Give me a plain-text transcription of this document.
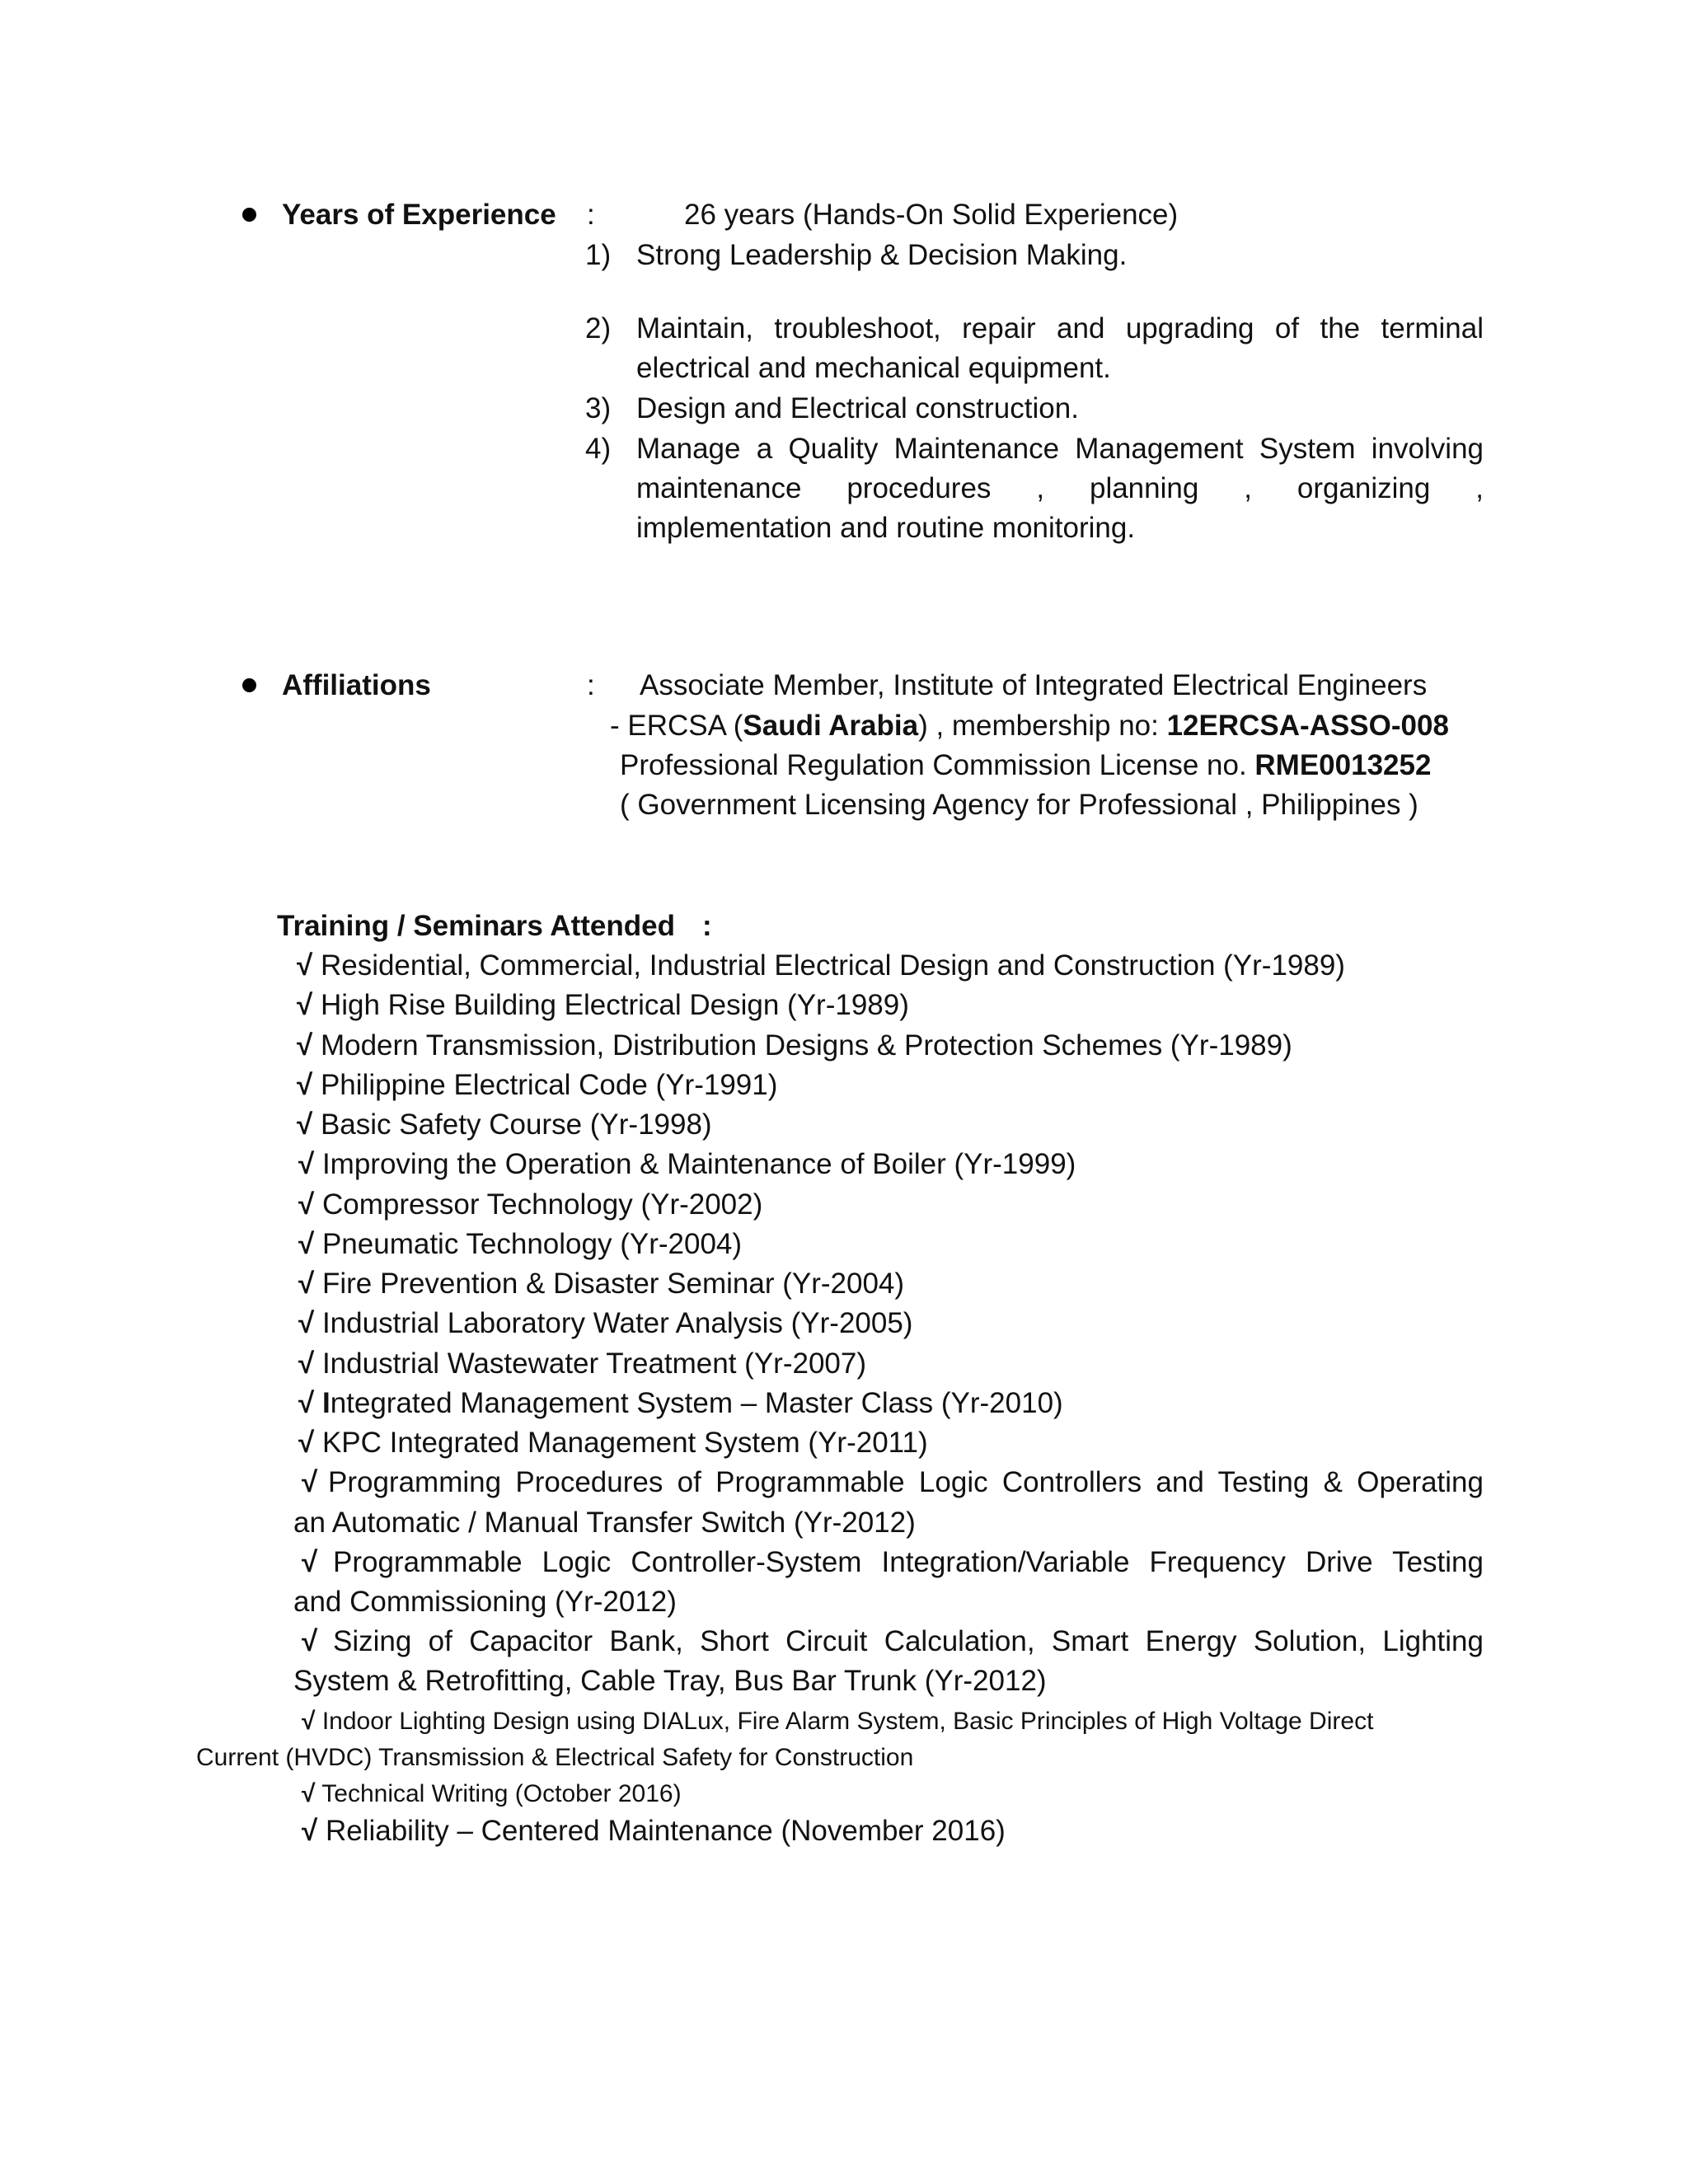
Years of Experience :	26 years (Hands-On Solid Experience)
1) Strong Leadership & Decision Making.
2) Maintain, troubleshoot, repair and upgrading of the terminal
electrical and mechanical equipment.
3) Design and Electrical construction.
4) Manage a Quality Maintenance Management System involving
maintenance procedures , planning , organizing ,
implementation and routine monitoring.
Affiliations	: Associate Member, Institute of Integrated Electrical Engineers
- ERCSA (Saudi Arabia) , membership no: 12ERCSA-ASSO-008
Professional Regulation Commission License no. RME0013252
( Government Licensing Agency for Professional , Philippines )
Training / Seminars Attended :
√ Residential, Commercial, Industrial Electrical Design and Construction (Yr-1989)
√ High Rise Building Electrical Design (Yr-1989)
√ Modern Transmission, Distribution Designs & Protection Schemes (Yr-1989)
√ Philippine Electrical Code (Yr-1991)
√ Basic Safety Course (Yr-1998)
√ Improving the Operation & Maintenance of Boiler (Yr-1999)
√ Compressor Technology (Yr-2002)
√ Pneumatic Technology (Yr-2004)
√ Fire Prevention & Disaster Seminar (Yr-2004)
√ Industrial Laboratory Water Analysis (Yr-2005)
√ Industrial Wastewater Treatment (Yr-2007)
√ Integrated Management System – Master Class (Yr-2010)
√ KPC Integrated Management System (Yr-2011)
√ Programming Procedures of Programmable Logic Controllers and Testing & Operating
an Automatic / Manual Transfer Switch (Yr-2012)
√ Programmable Logic Controller-System Integration/Variable Frequency Drive Testing
and Commissioning (Yr-2012)
√ Sizing of Capacitor Bank, Short Circuit Calculation, Smart Energy Solution, Lighting
System & Retrofitting, Cable Tray, Bus Bar Trunk (Yr-2012)
√ Indoor Lighting Design using DIALux, Fire Alarm System, Basic Principles of High Voltage Direct
Current (HVDC) Transmission & Electrical Safety for Construction
√ Technical Writing (October 2016)
√ Reliability – Centered Maintenance (November 2016)
